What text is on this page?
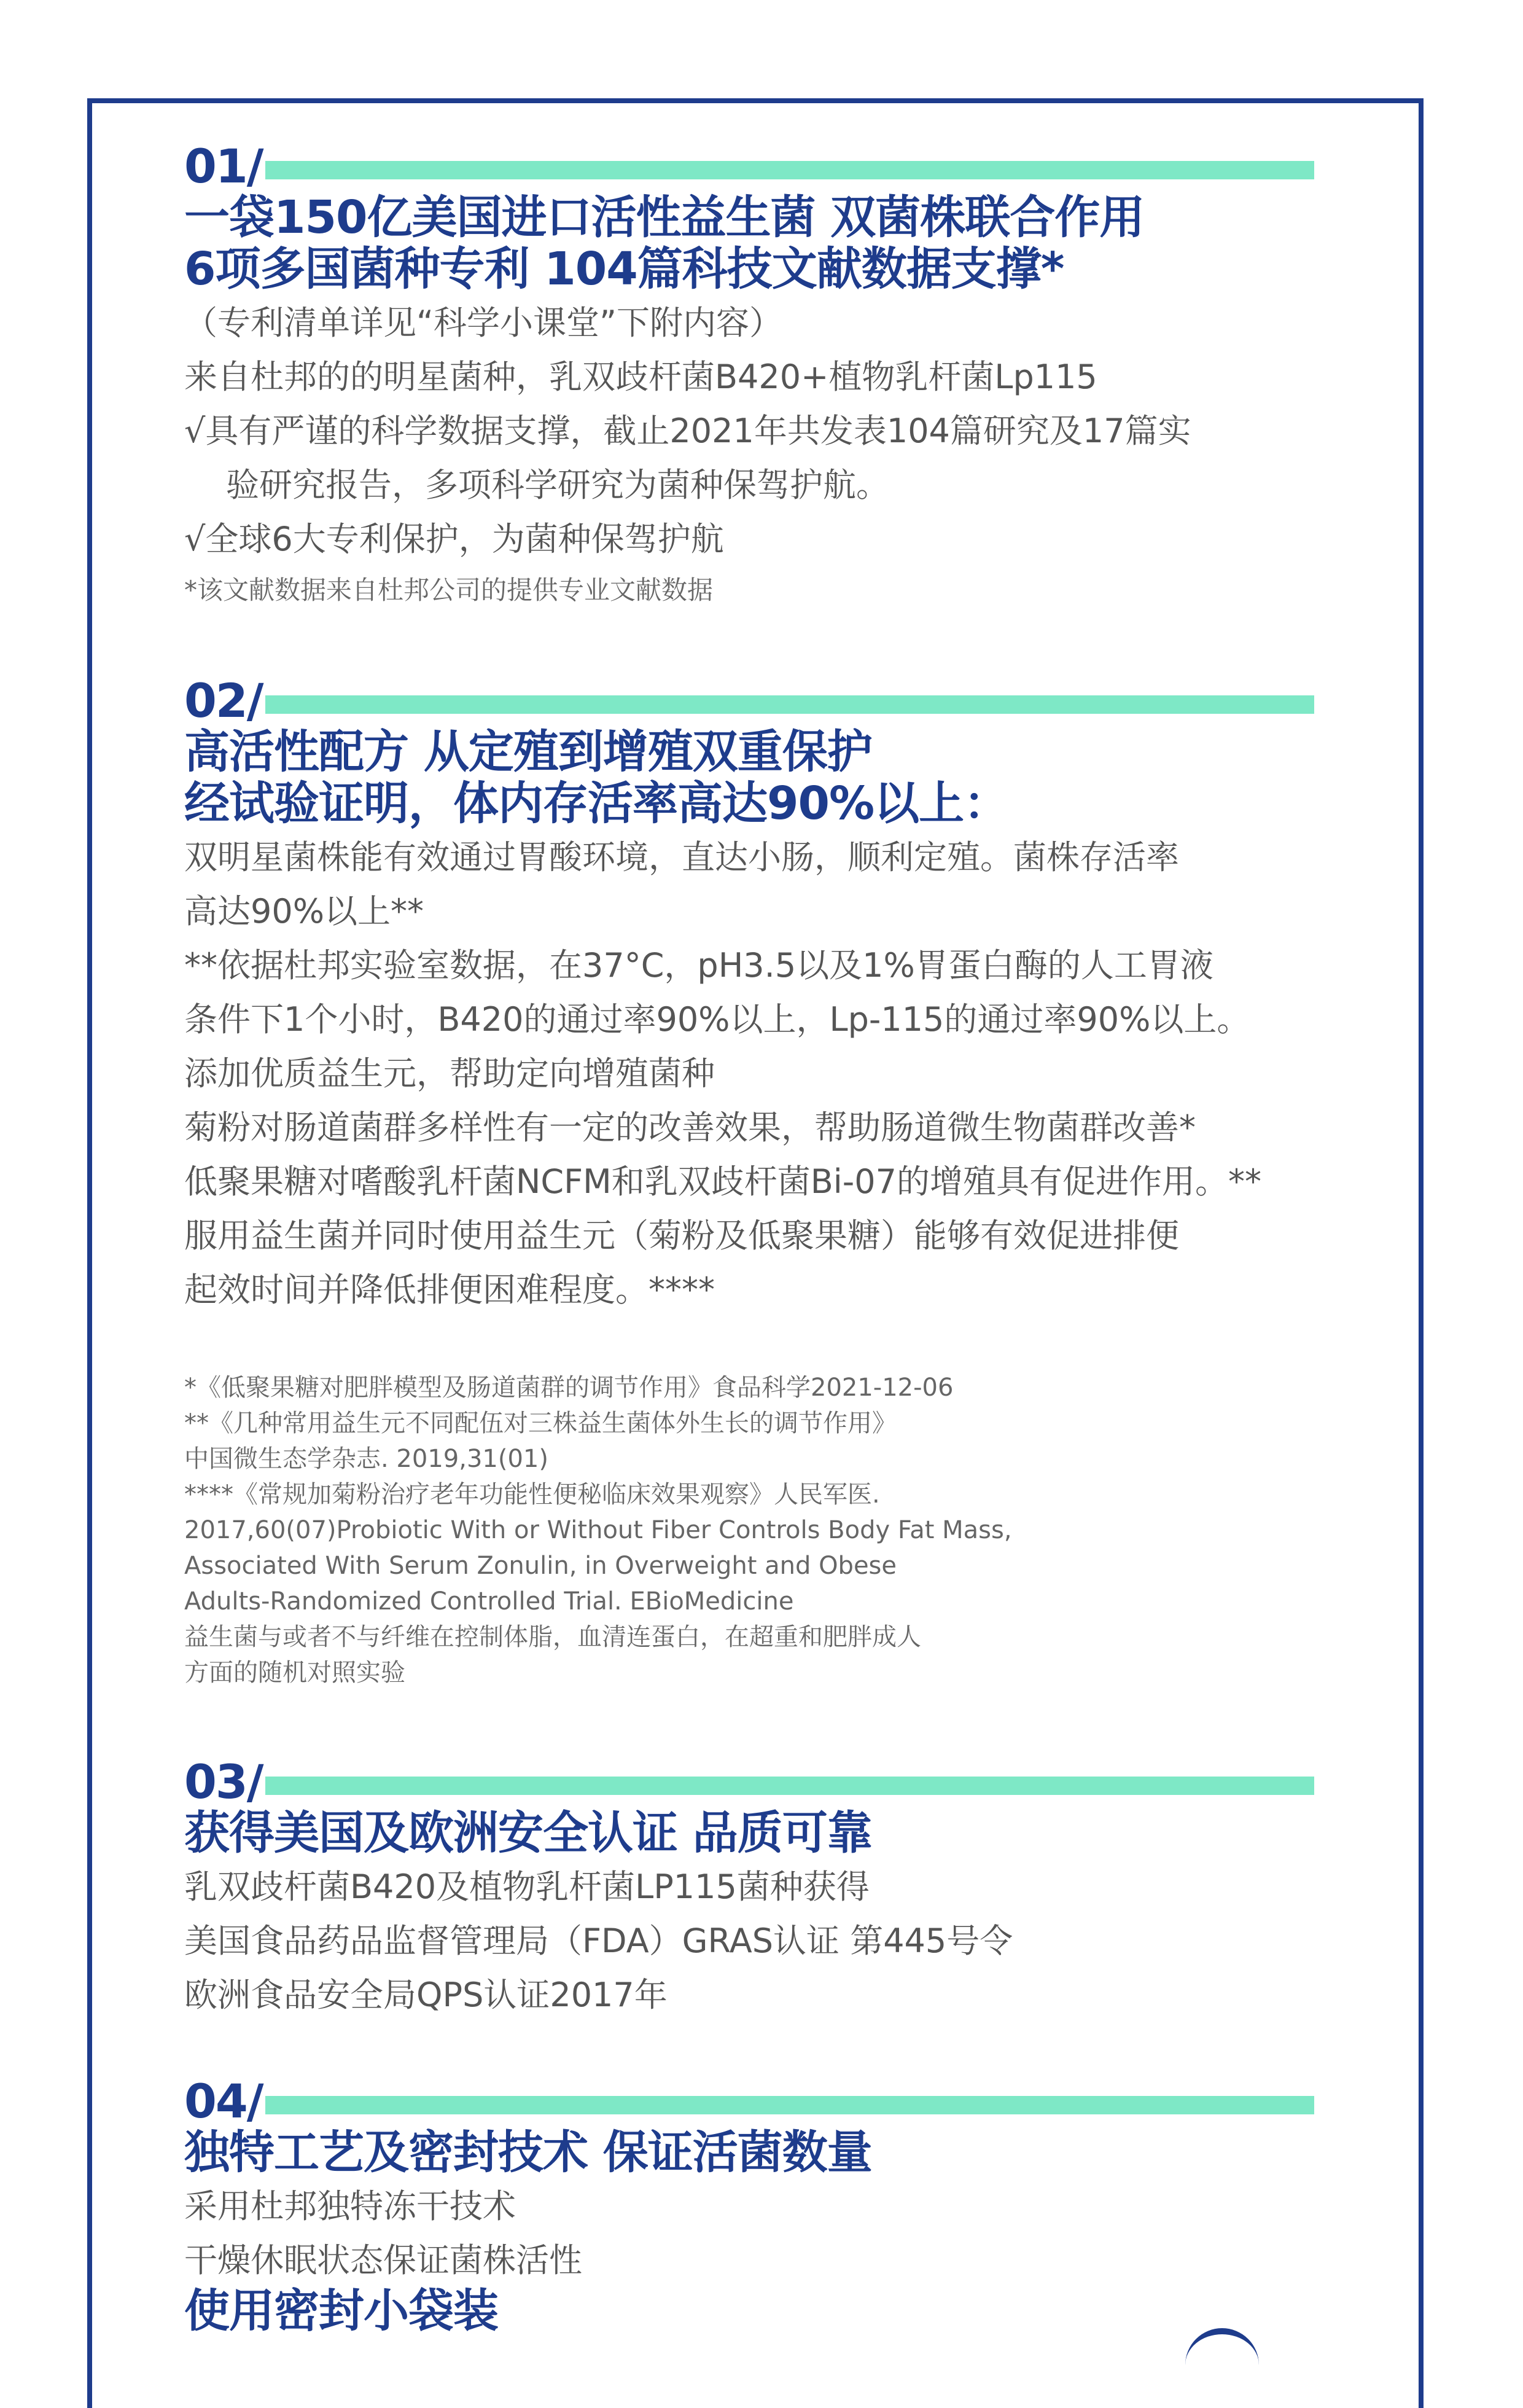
01/

一袋150亿美国进口活性益生菌 双菌株联合作用

6项多国菌种专利 104篇科技文献数据支撑*

（专利清单详见“科学小课堂”下附内容）

来自杜邦的的明星菌种，乳双歧杆菌B420+植物乳杆菌Lp115

√具有严谨的科学数据支撑，截止2021年共发表104篇研究及17篇实

验研究报告，多项科学研究为菌种保驾护航。

√全球6大专利保护，为菌种保驾护航

*该文献数据来自杜邦公司的提供专业文献数据

02/

高活性配方 从定殖到增殖双重保护

经试验证明，体内存活率高达90%以上：

双明星菌株能有效通过胃酸环境，直达小肠，顺利定殖。菌株存活率

高达90%以上**

**依据杜邦实验室数据，在37°C，pH3.5以及1%胃蛋白酶的人工胃液

条件下1个小时，B420的通过率90%以上，Lp-115的通过率90%以上。

添加优质益生元，帮助定向增殖菌种

菊粉对肠道菌群多样性有一定的改善效果，帮助肠道微生物菌群改善*

低聚果糖对嗜酸乳杆菌NCFM和乳双歧杆菌Bi-07的增殖具有促进作用。**

服用益生菌并同时使用益生元（菊粉及低聚果糖）能够有效促进排便

起效时间并降低排便困难程度。****

*《低聚果糖对肥胖模型及肠道菌群的调节作用》食品科学2021-12-06

**《几种常用益生元不同配伍对三株益生菌体外生长的调节作用》

中国微生态学杂志. 2019,31(01)

****《常规加菊粉治疗老年功能性便秘临床效果观察》人民军医.

2017,60(07)Probiotic With or Without Fiber Controls Body Fat Mass,

Associated With Serum Zonulin, in Overweight and Obese

Adults-Randomized Controlled Trial. EBioMedicine

益生菌与或者不与纤维在控制体脂，血清连蛋白，在超重和肥胖成人

方面的随机对照实验

03/

获得美国及欧洲安全认证 品质可靠

乳双歧杆菌B420及植物乳杆菌LP115菌种获得

美国食品药品监督管理局（FDA）GRAS认证 第445号令

欧洲食品安全局QPS认证2017年

04/

独特工艺及密封技术 保证活菌数量

采用杜邦独特冻干技术

干燥休眠状态保证菌株活性

使用密封小袋装
